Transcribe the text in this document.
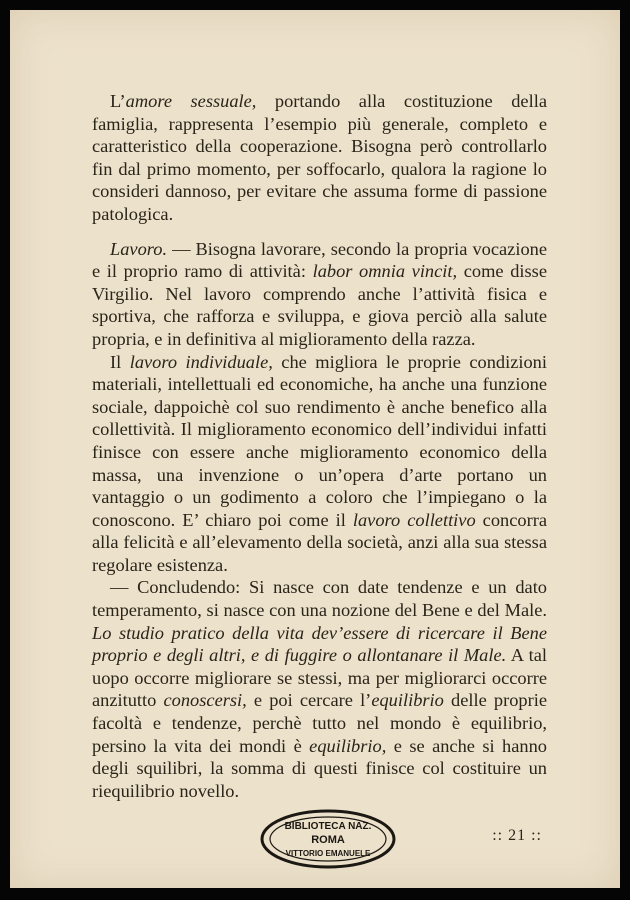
L’amore sessuale, portando alla costituzione della famiglia, rappresenta l’esempio più generale, completo e caratteristico della cooperazione. Bisogna però controllarlo fin dal primo momento, per soffocarlo, qualora la ragione lo consideri dannoso, per evitare che assuma forme di passione patologica.

Lavoro. — Bisogna lavorare, secondo la propria vocazione e il proprio ramo di attività: labor omnia vincit, come disse Virgilio. Nel lavoro comprendo anche l’attività fisica e sportiva, che rafforza e sviluppa, e giova perciò alla salute propria, e in definitiva al miglioramento della razza.

Il lavoro individuale, che migliora le proprie condizioni materiali, intellettuali ed economiche, ha anche una funzione sociale, dappoichè col suo rendimento è anche benefico alla collettività. Il miglioramento economico dell’individui infatti finisce con essere anche miglioramento economico della massa, una invenzione o un’opera d’arte portano un vantaggio o un godimento a coloro che l’impiegano o la conoscono. E’ chiaro poi come il lavoro collettivo concorra alla felicità e all’elevamento della società, anzi alla sua stessa regolare esistenza.

— Concludendo: Si nasce con date tendenze e un dato temperamento, si nasce con una nozione del Bene e del Male. Lo studio pratico della vita dev’essere di ricercare il Bene proprio e degli altri, e di fuggire o allontanare il Male. A tal uopo occorre migliorare se stessi, ma per migliorarci occorre anzitutto conoscersi, e poi cercare l’equilibrio delle proprie facoltà e tendenze, perchè tutto nel mondo è equilibrio, persino la vita dei mondi è equilibrio, e se anche si hanno degli squilibri, la somma di questi finisce col costituire un riequilibrio novello.

BIBLIOTECA NAZ.
ROMA
VITTORIO EMANUELE
:: 21 ::
